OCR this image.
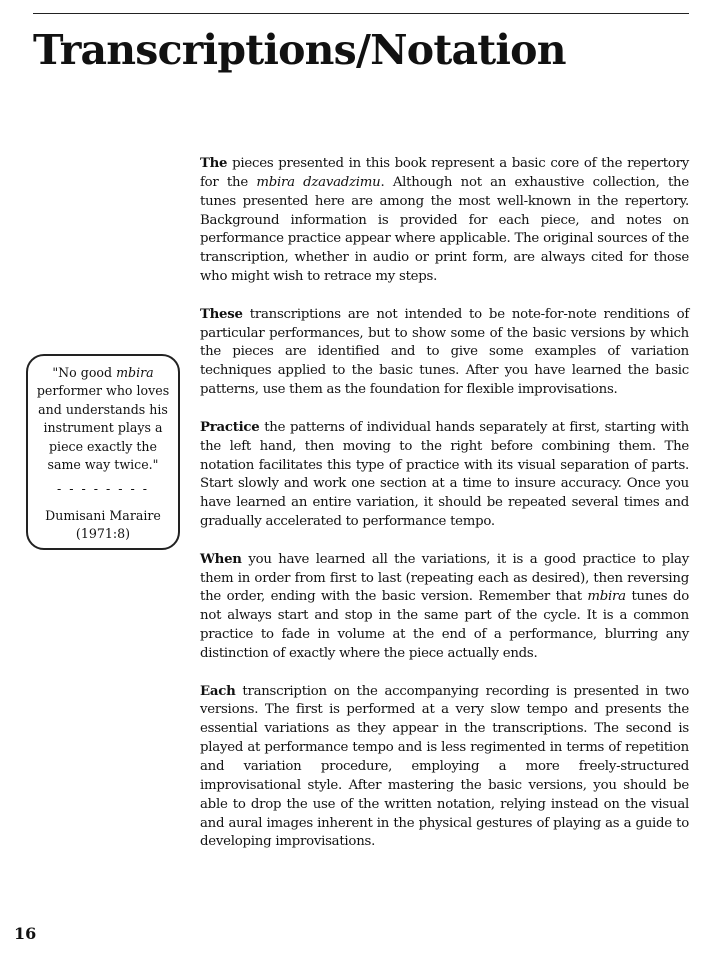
Transcriptions/Notation
"No good mbira performer who loves and understands his instrument plays a piece exactly the same way twice."
- - - - - - - -
Dumisani Maraire
(1971:8)

The pieces presented in this book represent a basic core of the repertory for the mbira dzavadzimu. Although not an exhaustive collection, the tunes presented here are among the most well-known in the repertory. Background information is provided for each piece, and notes on performance practice appear where applicable. The original sources of the transcription, whether in audio or print form, are always cited for those who might wish to retrace my steps.

These transcriptions are not intended to be note-for-note renditions of particular performances, but to show some of the basic versions by which the pieces are identified and to give some examples of variation techniques applied to the basic tunes. After you have learned the basic patterns, use them as the foundation for flexible improvisations.

Practice the patterns of individual hands separately at first, starting with the left hand, then moving to the right before combining them. The notation facilitates this type of practice with its visual separation of parts. Start slowly and work one section at a time to insure accuracy. Once you have learned an entire variation, it should be repeated several times and gradually accelerated to performance tempo.

When you have learned all the variations, it is a good practice to play them in order from first to last (repeating each as desired), then reversing the order, ending with the basic version. Remember that mbira tunes do not always start and stop in the same part of the cycle. It is a common practice to fade in volume at the end of a performance, blurring any distinction of exactly where the piece actually ends.

Each transcription on the accompanying recording is presented in two versions. The first is performed at a very slow tempo and presents the essential variations as they appear in the transcriptions. The second is played at performance tempo and is less regimented in terms of repetition and variation procedure, employing a more freely-structured improvisational style. After mastering the basic versions, you should be able to drop the use of the written notation, relying instead on the visual and aural images inherent in the physical gestures of playing as a guide to developing improvisations.

16
